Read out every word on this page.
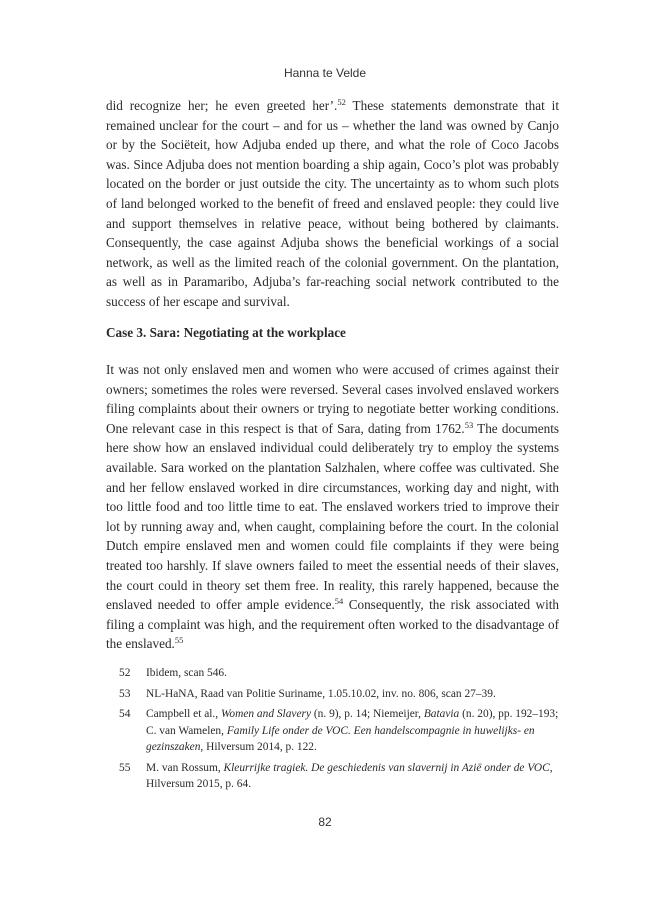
Hanna te Velde

did recognize her; he even greeted her’.$^{52}$ These statements demonstrate that it remained unclear for the court – and for us – whether the land was owned by Canjo or by the Sociëteit, how Adjuba ended up there, and what the role of Coco Jacobs was. Since Adjuba does not mention boarding a ship again, Coco’s plot was probably located on the border or just outside the city. The uncertainty as to whom such plots of land belonged worked to the benefit of freed and enslaved people: they could live and support themselves in relative peace, without being bothered by claimants. Consequently, the case against Adjuba shows the beneficial workings of a social network, as well as the limited reach of the colonial government. On the plantation, as well as in Paramaribo, Adjuba’s far-reaching social network contributed to the success of her escape and survival.

Case 3. Sara: Negotiating at the workplace

It was not only enslaved men and women who were accused of crimes against their owners; sometimes the roles were reversed. Several cases involved enslaved workers filing complaints about their owners or trying to negotiate better working conditions. One relevant case in this respect is that of Sara, dating from 1762.53 The documents here show how an enslaved individual could deliberately try to employ the systems available. Sara worked on the plantation Salzhalen, where coffee was cultivated. She and her fellow enslaved worked in dire circumstances, working day and night, with too little food and too little time to eat. The enslaved workers tried to improve their lot by running away and, when caught, complaining before the court. In the colonial Dutch empire enslaved men and women could file complaints if they were being treated too harshly. If slave owners failed to meet the essential needs of their slaves, the court could in theory set them free. In reality, this rarely happened, because the enslaved needed to offer ample evidence.$^{54}$ Consequently, the risk associated with filing a complaint was high, and the requirement often worked to the disadvantage of the enslaved.$^{55}$

52	Ibidem, scan 546.
53	NL-HaNA, Raad van Politie Suriname, 1.05.10.02, inv. no. 806, scan 27–39.
54	Campbell et al., Women and Slavery (n. 9), p. 14; Niemeijer, Batavia (n. 20), pp. 192–193; C. van Wamelen, Family Life onder de VOC. Een handelscompagnie in huwelijks- en gezinszaken, Hilversum 2014, p. 122.
55	M. van Rossum, Kleurrijke tragiek. De geschiedenis van slavernij in Azië onder de VOC, Hilversum 2015, p. 64.
82
